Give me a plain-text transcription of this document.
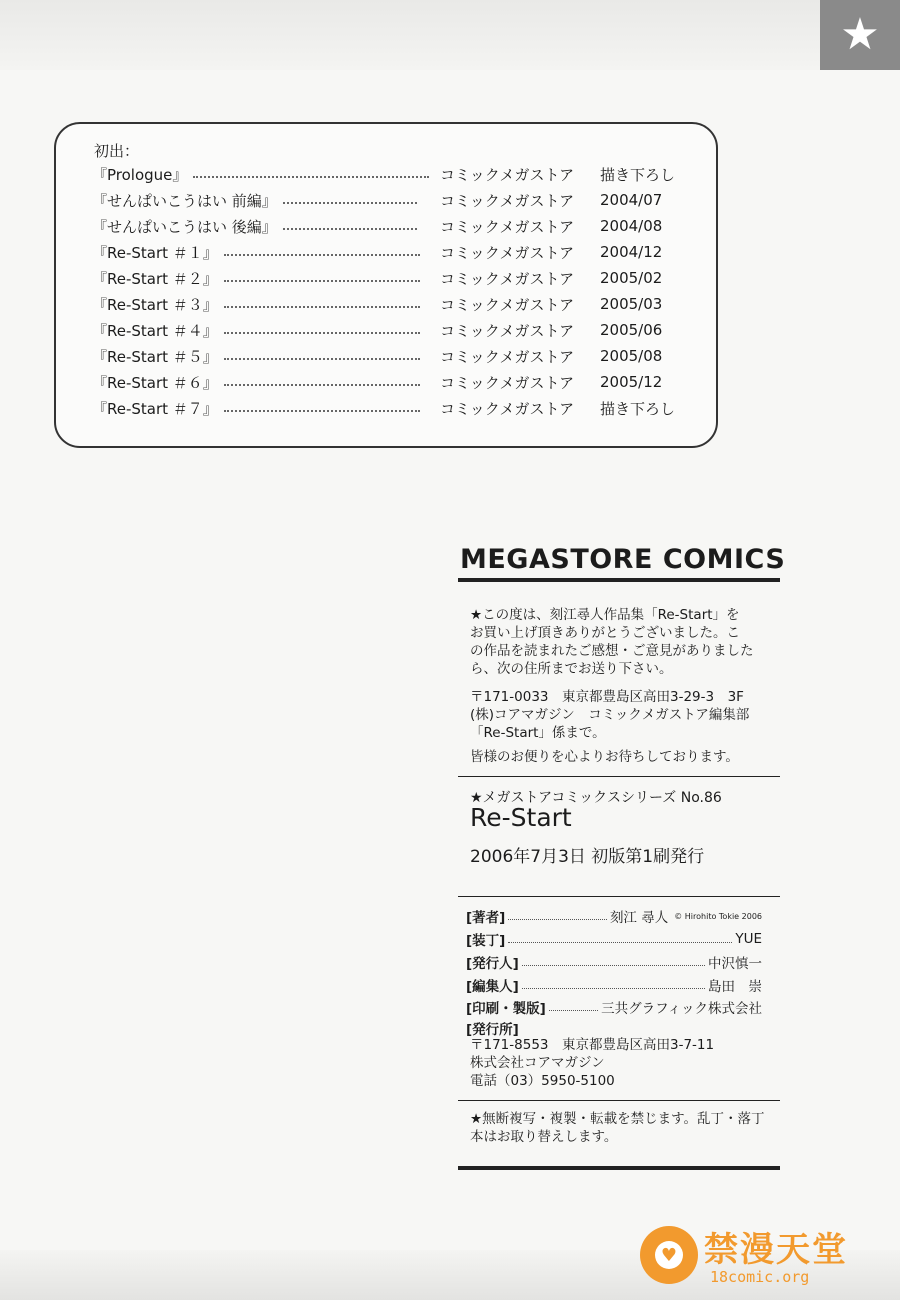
★
初出：
『Prologue』	コミックメガストア 描き下ろし
『せんぱいこうはい 前編』	コミックメガストア 2004/07
『せんぱいこうはい 後編』	コミックメガストア 2004/08
『Re-Start ＃１』	コミックメガストア 2004/12
『Re-Start ＃２』	コミックメガストア 2005/02
『Re-Start ＃３』	コミックメガストア 2005/03
『Re-Start ＃４』	コミックメガストア 2005/06
『Re-Start ＃５』	コミックメガストア 2005/08
『Re-Start ＃６』	コミックメガストア 2005/12
『Re-Start ＃７』	コミックメガストア 描き下ろし
MEGASTORE COMICS
★この度は、刻江尋人作品集「Re-Start」を
お買い上げ頂きありがとうございました。こ
の作品を読まれたご感想・ご意見がありました
ら、次の住所までお送り下さい。
〒171-0033　東京都豊島区高田3-29-3　3F
(株)コアマガジン　コミックメガストア編集部
「Re-Start」係まで。
皆様のお便りを心よりお待ちしております。
★メガストアコミックスシリーズ No.86
Re-Start
2006年7月3日 初版第1刷発行
[著者]	刻江 尋人 © Hirohito Tokie 2006
[装丁]	YUE
[発行人]	中沢慎一
[編集人]	島田　崇
[印刷・製版]	三共グラフィック株式会社
[発行所]
〒171-8553　東京都豊島区高田3-7-11
株式会社コアマガジン
電話（03）5950-5100
★無断複写・複製・転載を禁じます。乱丁・落丁
本はお取り替えします。
♥ 禁漫天堂
18comic.org
